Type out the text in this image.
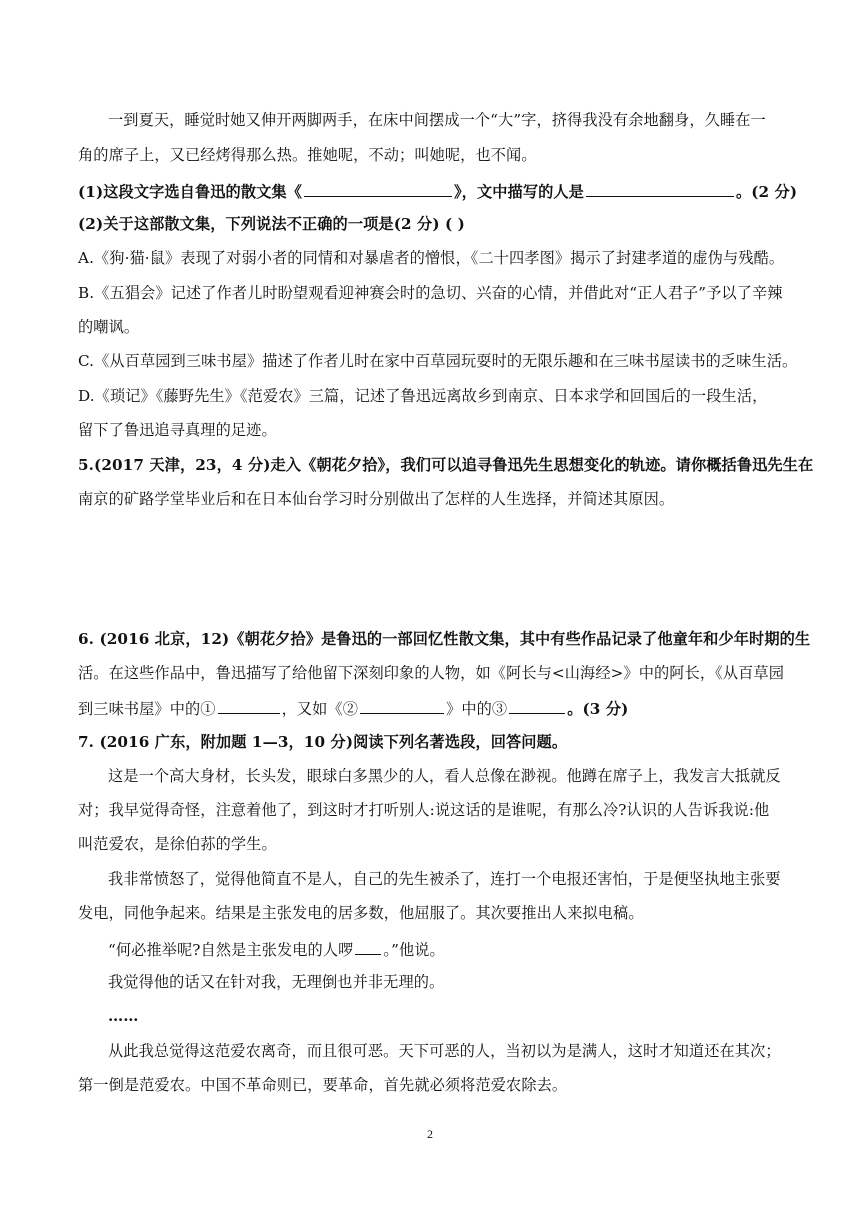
一到夏天，睡觉时她又伸开两脚两手，在床中间摆成一个“大”字，挤得我没有余地翻身，久睡在一
角的席子上，又已经烤得那么热。推她呢，不动；叫她呢，也不闻。
(1)这段文字选自鲁迅的散文集《	》，文中描写的人是	。(2 分)
(2)关于这部散文集，下列说法不正确的一项是(2 分) ( )
A.《狗·猫·鼠》表现了对弱小者的同情和对暴虐者的憎恨，《二十四孝图》揭示了封建孝道的虚伪与残酷。
B.《五猖会》记述了作者儿时盼望观看迎神赛会时的急切、兴奋的心情，并借此对“正人君子”予以了辛辣
的嘲讽。
C.《从百草园到三味书屋》描述了作者儿时在家中百草园玩耍时的无限乐趣和在三味书屋读书的乏味生活。
D.《琐记》《藤野先生》《范爱农》三篇，记述了鲁迅远离故乡到南京、日本求学和回国后的一段生活，
留下了鲁迅追寻真理的足迹。
5.(2017 天津，23，4 分)走入《朝花夕拾》，我们可以追寻鲁迅先生思想变化的轨迹。请你概括鲁迅先生在
南京的矿路学堂毕业后和在日本仙台学习时分别做出了怎样的人生选择，并简述其原因。
6. (2016 北京，12)《朝花夕拾》是鲁迅的一部回忆性散文集，其中有些作品记录了他童年和少年时期的生
活。在这些作品中，鲁迅描写了给他留下深刻印象的人物，如《阿长与<山海经>》中的阿长，《从百草园
到三味书屋》中的①	，又如《②	》中的③	。(3 分)
7. (2016 广东，附加题 1—3，10 分)阅读下列名著选段，回答问题。
这是一个高大身材，长头发，眼球白多黑少的人，看人总像在渺视。他蹲在席子上，我发言大抵就反
对；我早觉得奇怪，注意着他了，到这时才打听别人:说这话的是谁呢，有那么冷?认识的人告诉我说:他
叫范爱农，是徐伯荪的学生。
我非常愤怒了，觉得他简直不是人，自己的先生被杀了，连打一个电报还害怕，于是便坚执地主张要
发电，同他争起来。结果是主张发电的居多数，他屈服了。其次要推出人来拟电稿。
“何必推举呢?自然是主张发电的人啰 。”他说。
我觉得他的话又在针对我，无理倒也并非无理的。
……
从此我总觉得这范爱农离奇，而且很可恶。天下可恶的人，当初以为是满人，这时才知道还在其次；
第一倒是范爱农。中国不革命则已，要革命，首先就必须将范爱农除去。
2
